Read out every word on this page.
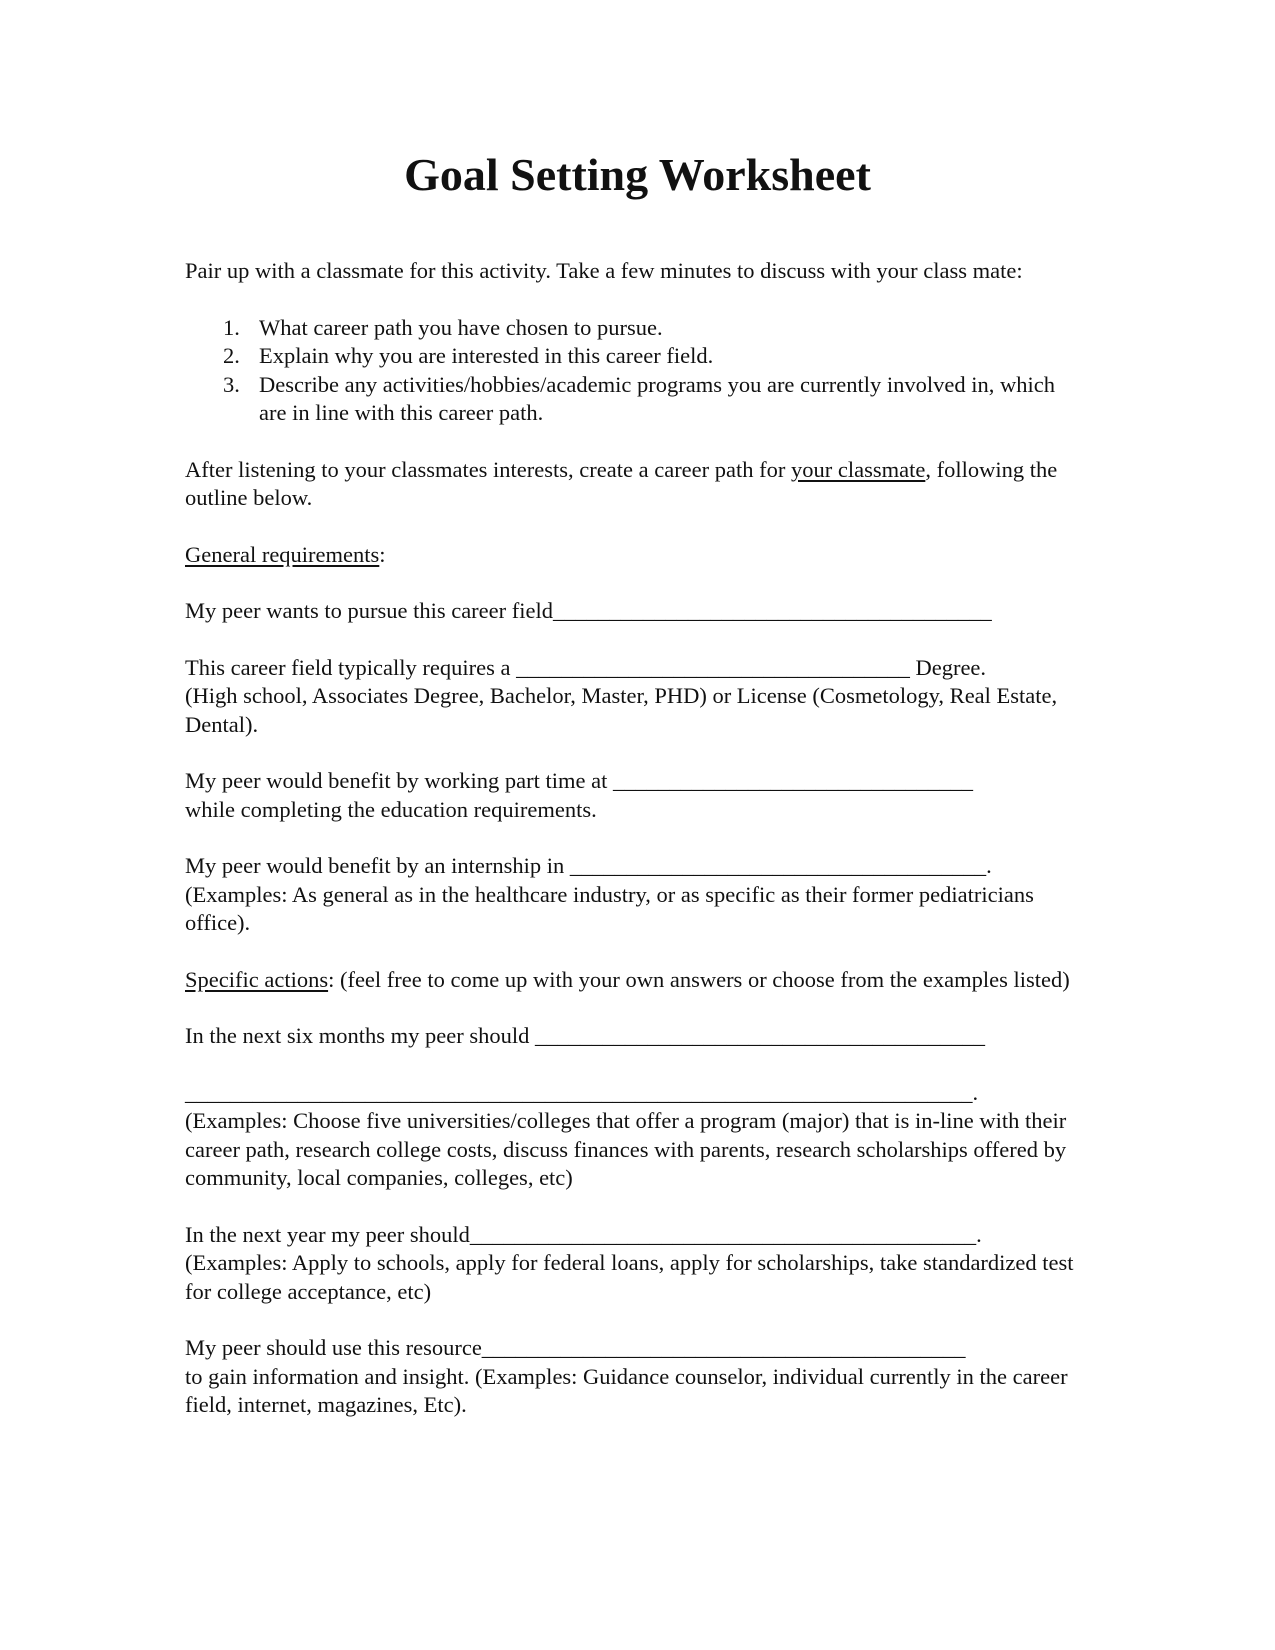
Goal Setting Worksheet

Pair up with a classmate for this activity. Take a few minutes to discuss with your class mate:

1. What career path you have chosen to pursue.
2. Explain why you are interested in this career field.
3. Describe any activities/hobbies/academic programs you are currently involved in, which are in line with this career path.

After listening to your classmates interests, create a career path for your classmate, following the outline below.

General requirements:

My peer wants to pursue this career field_______________________________________

This career field typically requires a ___________________________________ Degree.

(High school, Associates Degree, Bachelor, Master, PHD) or License (Cosmetology, Real Estate, Dental).

My peer would benefit by working part time at ________________________________

while completing the education requirements.

My peer would benefit by an internship in _____________________________________.

(Examples: As general as in the healthcare industry, or as specific as their former pediatricians office).

Specific actions: (feel free to come up with your own answers or choose from the examples listed)

In the next six months my peer should ________________________________________

______________________________________________________________________.

(Examples: Choose five universities/colleges that offer a program (major) that is in-line with their career path, research college costs, discuss finances with parents, research scholarships offered by community, local companies, colleges, etc)

In the next year my peer should_____________________________________________.

(Examples: Apply to schools, apply for federal loans, apply for scholarships, take standardized test for college acceptance, etc)

My peer should use this resource___________________________________________

to gain information and insight. (Examples: Guidance counselor, individual currently in the career field, internet, magazines, Etc).
